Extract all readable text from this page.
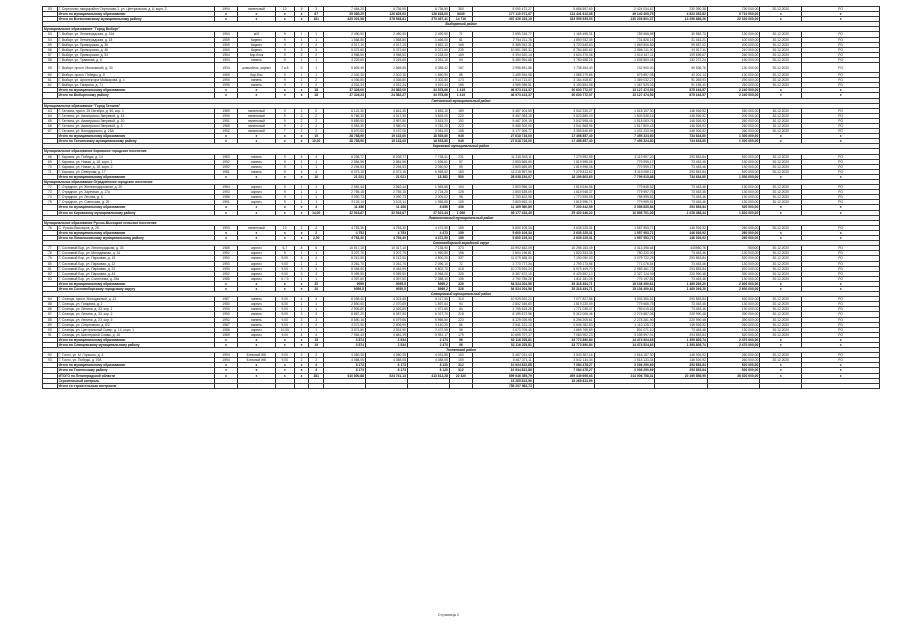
53	Г. Сертолово, микрорайон Сертолово-1, ул. Центральная, д. 6, корп. 2	1994	панельный	10	5	3	7 464,20	6 736,90	6 736,90	360	8 090 472,27	5 656 597,60	2 424 034,67	230 390,38	790 000,00	30.12.2020	РО
	Итого по муниципальному образованию	х	х	х	х	67	25 080,20	126 628,00	126 628,00	6649	177 110 071,07	114 441 613,08	49 140 405,75	4 522 052,82	9 710 000,00	х	х
	Итого по Всеволожскому муниципальному району	х	х	х	х	181	429 301,58	378 538,81	273 457,41	14 716	497 426 223,19	323 559 535,03	130 239 801,37	13 296 886,26	22 320 000,00	х	х
Выборгский район																	
Муниципальное образование "Город Выборг"																	
53	Г. Выборг, ул. Ленинградская, д. 31а	1954	м/б	9	1	1	2 490,50	2 490,50	2 490,50	71	2 699 318,77	1 165 495,31	755 568,98	30 582,70	130 000,00	30.12.2020	РО
54	Г. Выборг, ул. Ленинградская, д. 18	1959	Кирпич	9	1	1	1 568,80	1 568,80	1 466,00	51	2 754 211,75	1 890 932,39	731 828,15	31 451,21	100 000,00	30.12.2020	РО
55	Г. Выборг, ул. Приморская, д. 36	1959	Кирпич	9	2	2	4 017,10	4 017,10	3 862,10	165	5 389 942,31	3 720 549,63	1 569 806,86	99 587,02	200 000,00	30.12.2020	РО
56	Г. Выборг, ул. Приморская, д. 46	1960	Кирпич	9	3	3	5 372,60	5 372,60	5 372,60	239	10 551 259,31	6 754 460,62	2 886 211,90	91 517,11	210 000,00	30.12.2020	РО
57	Г. Выборг, ул. Приморская, д. 53	1954	Кир.блок	9	2	2	3 968,50	3 968,50	3 228,00	169	5 394 520,14	3 624 375,36	1 510 447,11	109 696,67	260 000,00	30.12.2020	РО
58	Г. Выборг, ул. Травяная, д. 6	1994	панель	9	1	1	3 229,60	3 229,60	3 051,10	94	5 480 994,68	3 780 658,26	1 535 583,48	132 272,24	160 000,00	30.12.2020	РО
59	Г. Выборг, просп. Московский, д. 30	1934	шлакоблок, кирпич	7 и 8	3	1	5 809,49	2 865,55	5 385,42	167	2 955 891,56	1 735 454,40	742 900,40	49 536,76	130 000,00	30.12.2020	РО
60	Г. Выборг, просп. Победы, д. 8	1989	Кир.бло	9	1	1	2 002,30	2 002,30	1 850,90	85	2 459 934,08	1 585 279,86	679 897,08	43 201,14	120 000,00	30.12.2020	РО
61	Г. Выборг, ул. Архитектора Майкарова, д. 4	1990	панель	9	2	2	4 036,80	4 036,80	3 302,80	173	4 914 713,07	3 164 408,87	1 369 032,27	91 269,93	290 000,00	30.12.2020	РО
62	Г. Выборг, ул. Гагарина, д. 71	1995	панель	9	2	2	4 031,34	4 031,34	3 919,44	165	4 969 988,51	3 190 894,08	1 367 529,03	91 185,40	260 000,00	30.12.2020	РО
	Итого по муниципальному образованию	х	х	х	х	18	37 326,00	24 582,00	34 578,66	1 419	46 973 413,37	30 630 772,07	13 127 474,53	875 164,57	2 240 000,00	х	х
	Итого по Выборгскому району	х	х	х	х	18	37 326,23	24 582,27	34 578,66	1 419	46 973 413,37	30 630 772,07	13 127 474,53	875 164,57	2 240 000,00	х	х
Гатчинский муниципальный район																	
Муниципальное образование "Город Гатчина"																	
63	Г. Гатчина, просп. 25 Октября, д. 50, кор. 1	1989	панельный	9	2	2	6 121,30	4 641,40	3 553,10	189	5 467 204,59	3 542 230,27	1 518 157,30	146 926,92	260 000,00	30.12.2020	РО
64	Г. Гатчина, ул. Авиатриссы Зверевой, д. 15	1990	панельный	9	2	2	5 786,30	4 017,30	3 825,00	223	5 467 084,15	3 523 589,03	1 509 538,16	146 926,92	200 000,00	30.12.2020	РО
65	Г. Гатчина, ул. Авиатриссы Зверевой, д. 20	1991	панельный	9	2	2	5 859,50	3 957,80	3 815,20	192	5 467 209,19	3 542 595,45	1 518 083,76	146 926,92	260 000,00	30.12.2020	РО
66	Г. Гатчина, ул. Авиатриссы Зверевой, д. 3	1989	панельный	9	2	2	5 953,30	3 980,00	3 782,20	223	5 460 300,00	3 541 868,96	1 517 800,43	146 926,92	260 000,00	30.12.2020	РО
67	Г. Гатчина, ул. Володарского, д. 25А	1992	панельный	7	2	2	5 070,50	3 197,00	3 081,00	158	5 177 306,77	3 359 545,89	1 431 233,96	146 926,92	260 000,00	30.12.2020	РО
	Итого по муниципальному образованию	х	х	х	х	10	28 788,90	19 133,00	18 535,80	945	27 618 716,00	17 498 857,40	7 495 324,60	734 634,60	1 300 000,00	х	х
	Итого по Гатчинскому муниципальному району	х	х	х	х	10,00	28 788,90	19 133,00	18 535,80	945	27 618 716,00	17 498 857,40	7 495 324,60	734 634,60	1 300 000,00	х	х
Кировский муниципальный район																	
Муниципальное образование Кировское городское поселение																	
68	Г. Кировск, ул. Победы, д. 14	1983	панель	9	4	4	8 208,77	8 208,77	7 738,41	231	11 215 943,11	7 279 992,89	3 119 997,20	293 853,84	520 000,00	30.12.2020	РО
69	Г. Кировск, ул. Новая, д. 18, корп. 1	1992	панель	9	1	1	2 584,56	2 584,56	1 636,61	57	2 803 665,69	1 819 998,06	779 999,17	73 463,46	130 000,00	30.12.2020	РО
70	Г. Кировск, ул. Новая, д. 18, корп. 2	1992	панель	9	1	1	2 294,53	2 294,53	2 050,52	99	2 803 665,69	1 819 998,06	779 999,17	73 463,46	130 000,00	30.12.2020	РО
71	Г. Кировск, ул. Северная, д. 17	1981	панель	9	4	4	8 373,15	8 373,15	6 958,52	183	11 215 597,96	7 279 813,62	3 119 058,12	293 853,84	520 000,00	30.12.2020	РО
	Итого по муниципальному образованию	х	х	х	х	10	21 021	21 021	18 382	500	28 038 154,07	18 199 803,63	7 799 915,86	734 634,60	1 300 000,00	х	х
Муниципальное образование Отрадненское городское поселение																	
72	Г. Отрадное, ул. Железнодорожная, д. 25	1984	кирпич	9	1	1	2 562,44	2 562,44	1 965,65	104	2 803 958,14	1 819 646,56	779 848,52	73 463,46	130 000,00	30.12.2020	РО
73	Г. Отрадное, ул. Заречная, д. 17а	1993	кирпич	9	1	1	2 755,15	2 755,15	2 724,20	125	2 803 635,09	1 819 948,37	779 997,76	73 463,46	130 000,00	30.12.2020	РО
74	Г. Отрадное, ул. Лесная, д. 6	1988	панель	9	1	1	3 090,73	3 090,73	2 009,02	98	2 753 402,95	1 770 995,55	758 999,81	73 463,46	130 000,00	30.12.2020	РО
75	Г. Отрадное, ул. Советская, д. 25	1991	кирпич	9	1	1	3 103,14	3 103,14	1 956,85	105	2 803 652,10	1 819 996,71	779 999,91	73 463,46	130 000,00	30.12.2020	РО
	Итого по муниципальному образованию	х	х	х	х	4	11 456	11 456	8 656	436	11 165 360,89	7 230 442,59	3 098 835,84	293 853,84	520 000,00	х	х
	Итого по Кировскому муниципальному району	х	х	х	х	14,00	32 516,67	32 516,67	27 021,44	1 086	39 177 434,45	25 430 446,22	10 898 751,00	1 028 488,44	1 820 000,00	х	х
Ломоносовский муниципальный район																	
Муниципальное образование Русско-Высоцкое сельское поселение																	
76	С. Русско-Высоцкое, д. 25	1993	панельный	10	2	2	4 753,30	4 753,30	4 472,90	159	5 600 109,34	3 635 225,31	1 557 953,71	146 926,92	260 000,00	30.12.2020	РО
	Итого по муниципальному образованию	х	х	х	х	2	4 753	4 753	4 473	159	5 600 109,34	3 635 225,31	1 557 953,71	146 926,92	260 000,00	х	х
	Итого по Ломоносовскому муниципальному району	х	х	х	х	2,00	4 753,30	4 753,30	4 472,90	159	5 600 109,34	3 635 225,31	1 557 953,71	146 926,92	260 000,00	х	х
Сосновоборский городской округ																	
77	Г. Сосновый Бор, ул. Ленинградская, д. 30	1989	кирпич	5,7	8	6	10 517,10	10 517,10	7 135,90	373	15 992 462,09	10 298 163,49	4 413 498,64	440980,76	780000	30.12.2020	РО
78	Г. Сосновый Бор, ул. Молодежная, д. 34	1992	кирпич	5	1	1	3 207,70	3 207,70	1 960,80	158	2 804 196,81	1 820 333,35	780 220,00	73 463,46	130 000,00	30.12.2020	РО
79	Г. Сосновый Бор, ул. Парковая, д. 19	1990	панель	9,00	4	4	8 212,00	8 212,00	4 800,20	337	11 079 638,00	7 190 090,03	3 079 722,25	293 853,84	520 000,00	30.12.2020	РО
80	Г. Сосновый Бор, ул. Парковая, д. 12	1993	кирпич	9,00	1	1	3 261,70	3 261,70	2 096,10	72	2 773 777,34	1 799 173,96	771 076,54	73 463,46	130 000,00	30.12.2020	РО
81	Г. Сосновый Бор, ул. Парковая, д. 22	1993	кирпич	9,00	3	3	8 345,90	8 345,90	6 802,70	418	10 775 924,34	6 975 409,70	2 989 461,73	293 853,84	520 000,00	30.12.2020	РО
82	Г. Сосновый Бор, ул. Парковая, д. 44	1992	кирпич	9,00	3	3	9 059,50	9 059,50	8 968,20	326	8 367 672,10	5 429 557,13	2 327 124,49	220 990,48	390 000,00	30.12.2020	РО
83	Г. Сосновый Бор, ул. Солнечная, д. 25а	1985	кирпич	5,7,9	1	1	4 397,60	4 397,60	2 388,10	195	2 790 756,28	1 811 181,28	776 197,86	73 463,46	130 000,00	30.12.2020	РО
	Итого по муниципальному образованию	х	х	х	х	20	9059	9059,5	8969,2	326	54 524 204,56	35 318 454,71	15 136 490,61	1 469 269,20	2 600 000,00	х	х
	Итого по Сосновоборскому городскому округу	х	х	х	х	20	9059,5	9059,5	8969,2	326	54 524 204,56	35 318 454,71	15 136 490,61	1 469 269,20	2 600 000,00	х	х
Сланцевский муниципальный район																	
84	Г. Сланцы, просп. Молодежный, д. 13	1987	панель	9,00	4	4	8 098,40	4 324,60	6 117,50	310	10 929 922,21	7 077 827,86	3 033 350,51	293 853,84	520 000,00	30.12.2020	РО
85	Г. Сланцы, ул. Гагарина, д. 2	1983	кирпич	5,00	1	1	2 890,50	2 070,80	1 897,64	94	2 802 349,80	1 819 220,09	779 665,75	73 463,46	130 000,00	30.12.2020	РО
86	Г. Сланцы, ул. Ленина, д. 33, кор. 1	1990	панель	9,00	1	1	2 906,80	2 026,80	1 971,60	84	2 755 615,26	1 771 036,47	759 015,63	73 463,46	130 000,00	30.12.2020	РО
87	Г. Сланцы, ул. Ленина, д. 33, кор. 2	1990	панель	9,00	3	3	8 867,20	6 087,80	6 027,70	218	8 199 672,96	5 312 006,46	2 276 587,06	220 990,48	390 000,00	30.12.2020	РО
88	Г. Сланцы, ул. Ленина, д. 23, кор. 6	1992	панель	9,00	3	3	8 890,16	6 079,66	5 966,50	223	8 129 026,95	5 296 205,61	2 278 281,90	220 990,48	390 000,00	30.12.2020	РО
89	Г. Сланцы, ул. Спортивная, д. 8/2	1987	панель	9,00	2	2	4 071,90	2 806,90	3 140,20	86	3 941 221,13	2 545 282,83	1 110 125,72	146 926,92	260 000,00	30.12.2020	РО
90	Г. Сланцы, ул. Центральный Сквер, д. 14, корп. 1	1986	кирпич	10,00	1	1	3 571,80	2 533,90	2 472,59	96	2 673 709,45	1 669 765,89	801 071,10	73 463,46	130 000,00	30.12.2020	РО
91	Г. Сланцы, ул. Шахтерской Славы, д. 16	1989	кирпич	9,00	4	4	7 964,43	4 681,39	5 951,17	179	10 695 707,17	7 083 992,23	3 035 997,01	293 853,84	520 000,00	30.12.2020	РО
	Итого по муниципальному образованию	х	х	х	х	19	3 574	2 534	2 473	96	52 116 225,81	33 773 890,84	14 474 524,63	1 395 805,74	2 470 000,00	х	х
	Итого по Сланцевскому муниципальному району	х	х	х	х	19	3 574	2 534	2 473	96	52 116 225,81	33 773 890,84	14 474 524,63	1 395 805,74	2 470 000,00	х	х
Тосненский район																	
92	Г. Тосно, ул. М. Горького, д. 4	1994	Блочный ЖБ	9,00	2	2	4 080,35	4 080,35	4 031,85	153	5 467 031,43	3 543 367,16	1 518 157,30	146 926,92	260 000,00	30.12.2020	РО
93	Г. Тосно, ул. Победы, д. 19А	1994	Блочный ЖБ	9,00	2	2	4 088,05	4 088,05	4 088,05	159	5 467 371,11	3 542 134,34	1 518 133,34	146 926,92	260 000,00	30.12.2020	РО
	Итого по муниципальному образованию	х	х	х	х	4	8 173	8 173	8 120	312	10 934 822,88	7 084 478,27	3 036 290,69	293 853,84	520 000,00	х	х
	Итого по Тосненскому району	х	х	х	х	4	8 173	8 173	8 120	312	10 934 822,88	7 084 478,27	3 036 290,69	293 853,84	520 000,00	х	х
	ИТОГО по Ленинградской области	х	х	х	х	281	610 800,88	524 741,13	413 612,28	22 320	899 046 355,79	499 349 695,63	214 006 758,31	20 190 856,95	36 520 000,00	х	х
	Строительный контроль										15 265 813,99	15 265 813,99					
	Итого со строительным контролем										785 207 962,73						
Страница 2
